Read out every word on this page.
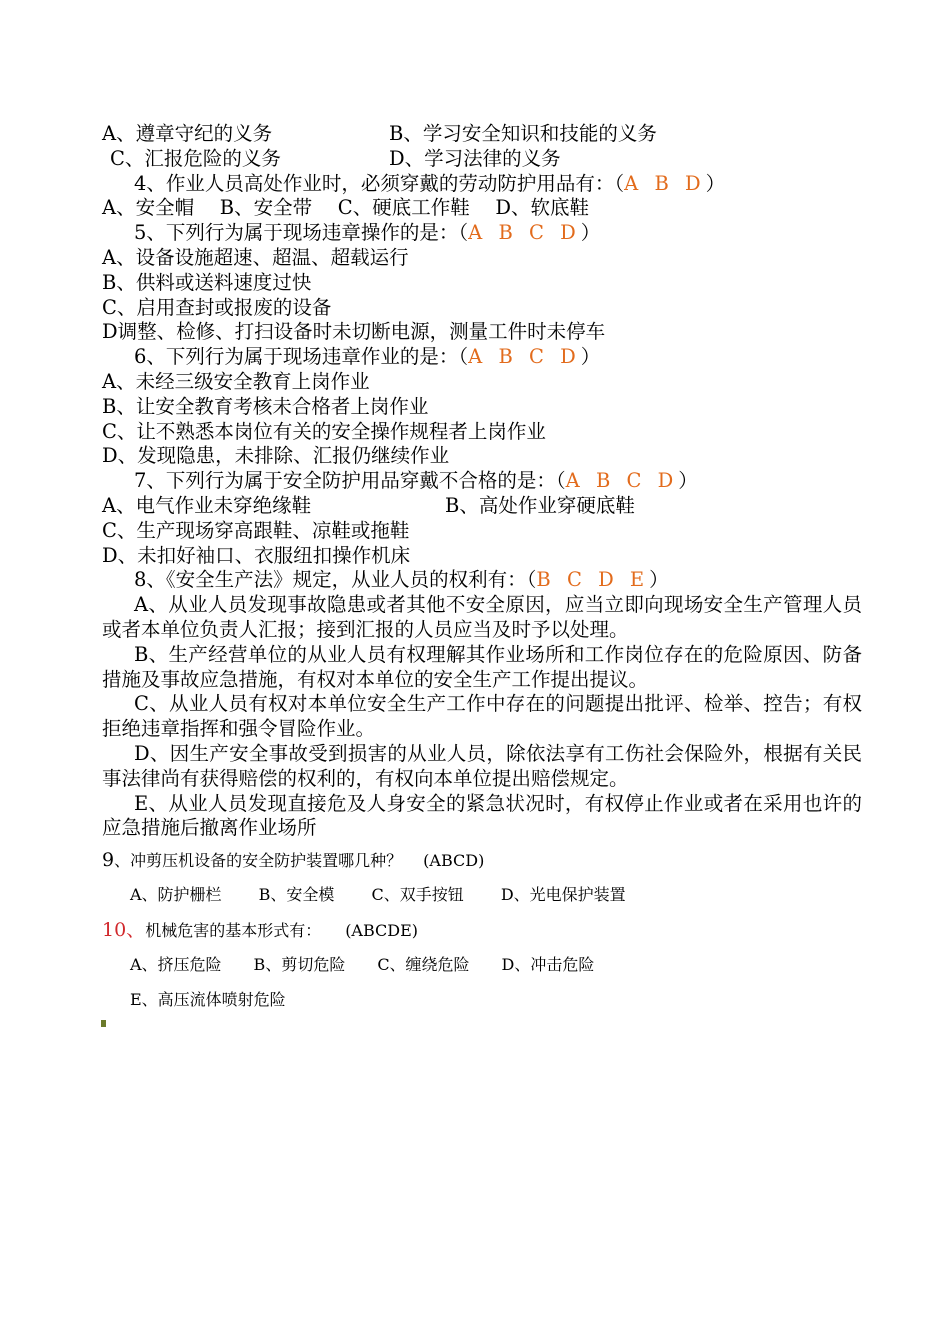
A、遵章守纪的义务	B、学习安全知识和技能的义务
C、汇报危险的义务	D、学习法律的义务
4、作业人员高处作业时，必须穿戴的劳动防护用品有：（A B D）
A、安全帽　 B、安全带　 C、硬底工作鞋　 D、软底鞋
5、下列行为属于现场违章操作的是：（A B C D）
A、设备设施超速、超温、超载运行
B、供料或送料速度过快
C、启用查封或报废的设备
D调整、检修、打扫设备时未切断电源，测量工件时未停车
6、下列行为属于现场违章作业的是：（A B C D）
A、未经三级安全教育上岗作业
B、让安全教育考核未合格者上岗作业
C、让不熟悉本岗位有关的安全操作规程者上岗作业
D、发现隐患，未排除、汇报仍继续作业
7、下列行为属于安全防护用品穿戴不合格的是：（A B C D）
A、电气作业未穿绝缘鞋	B、高处作业穿硬底鞋
C、生产现场穿高跟鞋、凉鞋或拖鞋
D、未扣好袖口、衣服纽扣操作机床
8、《安全生产法》规定，从业人员的权利有：（B C D E）
A、从业人员发现事故隐患或者其他不安全原因，应当立即向现场安全生产管理人员或者本单位负责人汇报；接到汇报的人员应当及时予以处理。
B、生产经营单位的从业人员有权理解其作业场所和工作岗位存在的危险原因、防备措施及事故应急措施，有权对本单位的安全生产工作提出提议。
C、从业人员有权对本单位安全生产工作中存在的问题提出批评、检举、控告；有权拒绝违章指挥和强令冒险作业。
D、因生产安全事故受到损害的从业人员，除依法享有工伤社会保险外，根据有关民事法律尚有获得赔偿的权利的，有权向本单位提出赔偿规定。
E、从业人员发现直接危及人身安全的紧急状况时，有权停止作业或者在采用也许的应急措施后撤离作业场所
9、冲剪压机设备的安全防护装置哪几种？　 (ABCD)
A、防护栅栏　　 B、安全模　　 C、双手按钮　　 D、光电保护装置
10、机械危害的基本形式有：　　(ABCDE)
A、挤压危险　　B、剪切危险　　C、缠绕危险　　D、冲击危险
E、高压流体喷射危险
